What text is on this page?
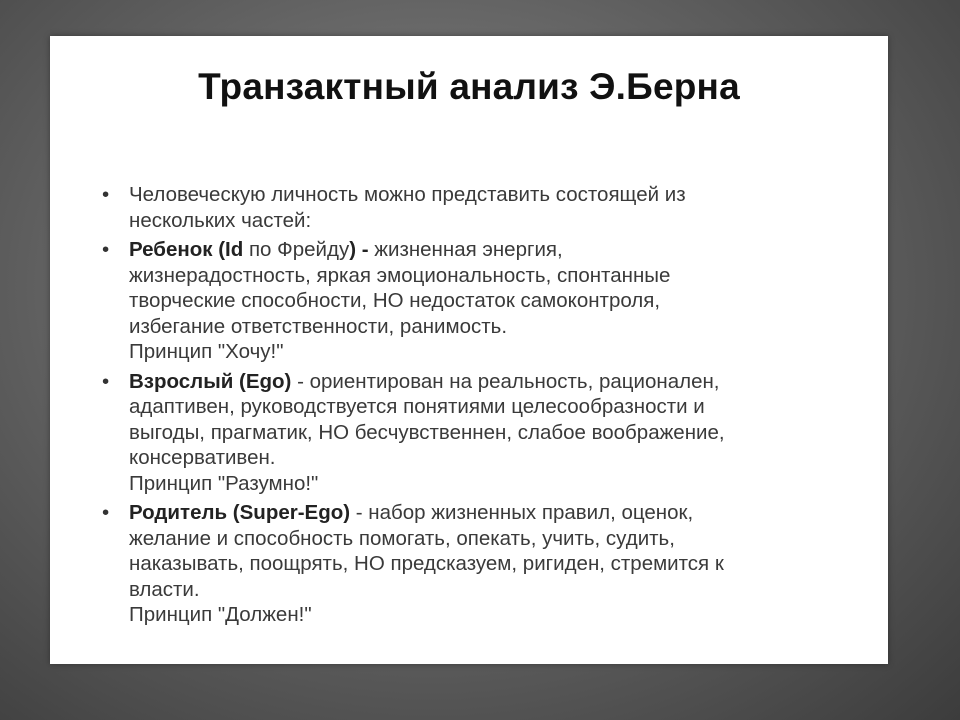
Транзактный анализ Э.Берна
• Человеческую личность можно представить состоящей из
нескольких частей:
• Ребенок (Id по Фрейду) - жизненная энергия,
жизнерадостность, яркая эмоциональность, спонтанные
творческие способности, НО недостаток самоконтроля,
избегание ответственности, ранимость.
Принцип "Хочу!"
• Взрослый (Ego) - ориентирован на реальность, рационален,
адаптивен, руководствуется понятиями целесообразности и
выгоды, прагматик, НО бесчувственнен, слабое воображение,
консервативен.
Принцип "Разумно!"
• Родитель (Super-Ego) - набор жизненных правил, оценок,
желание и способность помогать, опекать, учить, судить,
наказывать, поощрять, НО предсказуем, ригиден, стремится к
власти.
Принцип "Должен!"
